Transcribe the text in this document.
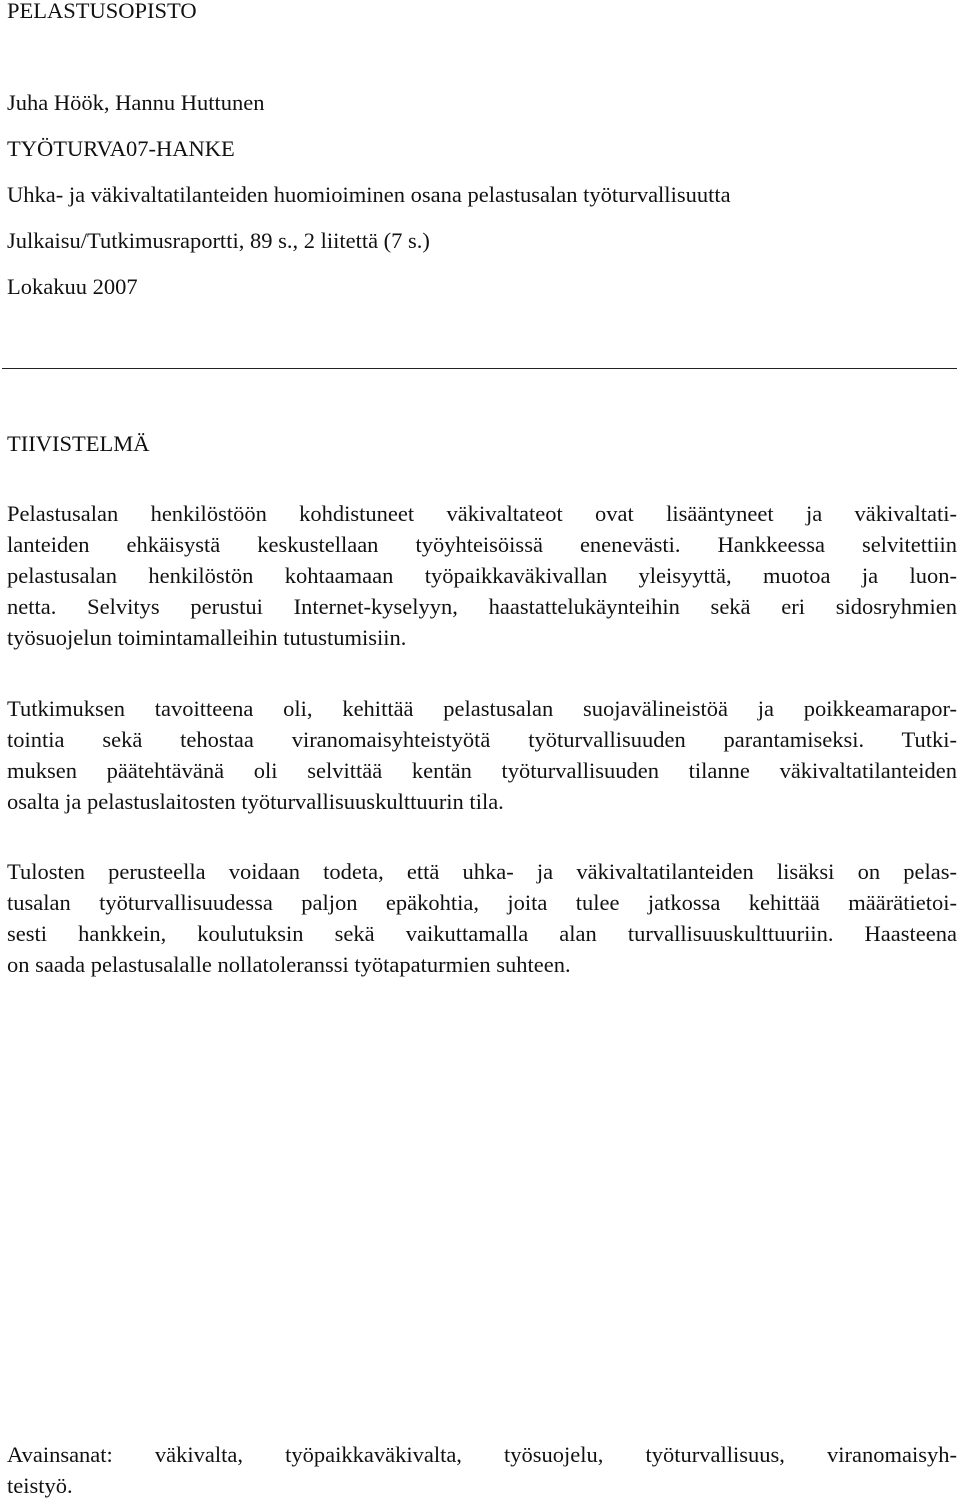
PELASTUSOPISTO
Juha Höök, Hannu Huttunen
TYÖTURVA07-HANKE
Uhka- ja väkivaltatilanteiden huomioiminen osana pelastusalan työturvallisuutta
Julkaisu/Tutkimusraportti, 89 s., 2 liitettä (7 s.)
Lokakuu 2007
TIIVISTELMÄ
Pelastusalan henkilöstöön kohdistuneet väkivaltateot ovat lisääntyneet ja väkivaltati-
lanteiden ehkäisystä keskustellaan työyhteisöissä enenevästi. Hankkeessa selvitettiin
pelastusalan henkilöstön kohtaamaan työpaikkaväkivallan yleisyyttä, muotoa ja luon-
netta. Selvitys perustui Internet-kyselyyn, haastattelukäynteihin sekä eri sidosryhmien
työsuojelun toimintamalleihin tutustumisiin.
Tutkimuksen tavoitteena oli, kehittää pelastusalan suojavälineistöä ja poikkeamarapor-
tointia sekä tehostaa viranomaisyhteistyötä työturvallisuuden parantamiseksi. Tutki-
muksen päätehtävänä oli selvittää kentän työturvallisuuden tilanne väkivaltatilanteiden
osalta ja pelastuslaitosten työturvallisuuskulttuurin tila.
Tulosten perusteella voidaan todeta, että uhka- ja väkivaltatilanteiden lisäksi on pelas-
tusalan työturvallisuudessa paljon epäkohtia, joita tulee jatkossa kehittää määrätietoi-
sesti hankkein, koulutuksin sekä vaikuttamalla alan turvallisuuskulttuuriin. Haasteena
on saada pelastusalalle nollatoleranssi työtapaturmien suhteen.
Avainsanat: väkivalta, työpaikkaväkivalta, työsuojelu, työturvallisuus, viranomaisyh-
teistyö.
